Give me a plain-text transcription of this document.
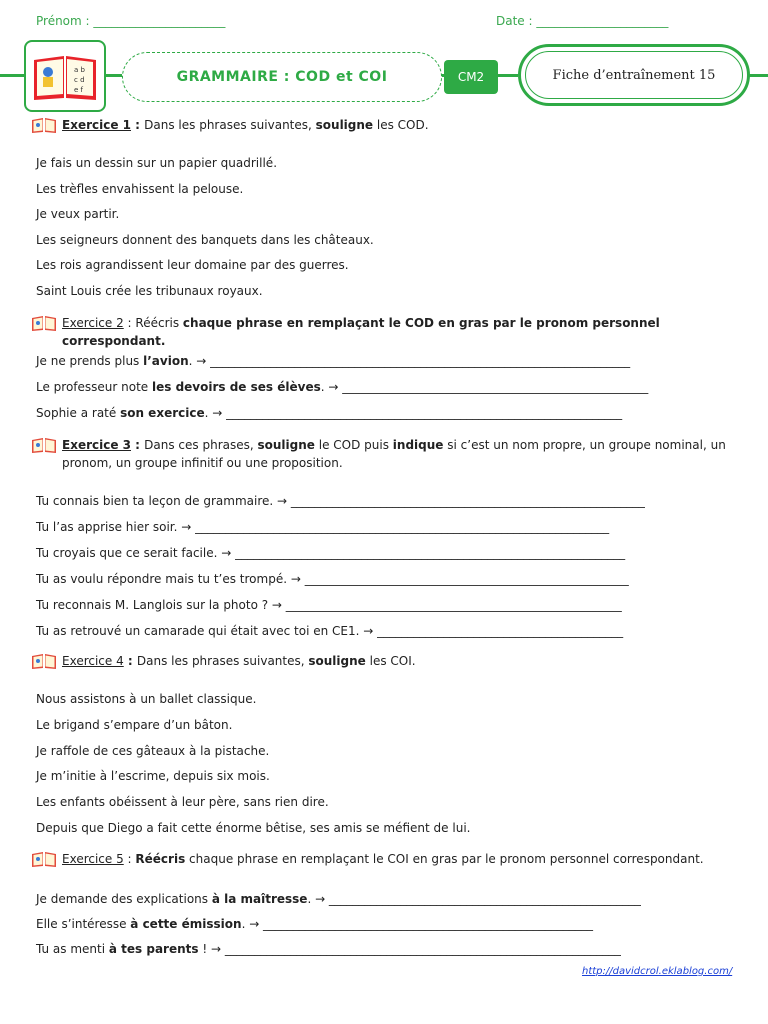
Prénom : ______________________	Date : ______________________
a b
c d
e f
GRAMMAIRE : COD et COI	CM2	Fiche d’entraînement 15
Exercice 1 : Dans les phrases suivantes, souligne les COD.
Je fais un dessin sur un papier quadrillé.
Les trèfles envahissent la pelouse.
Je veux partir.
Les seigneurs donnent des banquets dans les châteaux.
Les rois agrandissent leur domaine par des guerres.
Saint Louis crée les tribunaux royaux.
Exercice 2 : Réécris chaque phrase en remplaçant le COD en gras par le pronom personnel correspondant.
Je ne prends plus l’avion. → ______________________________________________________________________
Le professeur note les devoirs de ses élèves. → ___________________________________________________
Sophie a raté son exercice. → __________________________________________________________________
Exercice 3 : Dans ces phrases, souligne le COD puis indique si c’est un nom propre, un groupe nominal, un pronom, un groupe infinitif ou une proposition.
Tu connais bien ta leçon de grammaire. → ___________________________________________________________
Tu l’as apprise hier soir. → _____________________________________________________________________
Tu croyais que ce serait facile. → _________________________________________________________________
Tu as voulu répondre mais tu t’es trompé. → ______________________________________________________
Tu reconnais M. Langlois sur la photo ? → ________________________________________________________
Tu as retrouvé un camarade qui était avec toi en CE1. → _________________________________________
Exercice 4 : Dans les phrases suivantes, souligne les COI.
Nous assistons à un ballet classique.
Le brigand s’empare d’un bâton.
Je raffole de ces gâteaux à la pistache.
Je m’initie à l’escrime, depuis six mois.
Les enfants obéissent à leur père, sans rien dire.
Depuis que Diego a fait cette énorme bêtise, ses amis se méfient de lui.
Exercice 5 : Réécris chaque phrase en remplaçant le COI en gras par le pronom personnel correspondant.
Je demande des explications à la maîtresse. → ____________________________________________________
Elle s’intéresse à cette émission. → _______________________________________________________
Tu as menti à tes parents ! → __________________________________________________________________
http://davidcrol.eklablog.com/
